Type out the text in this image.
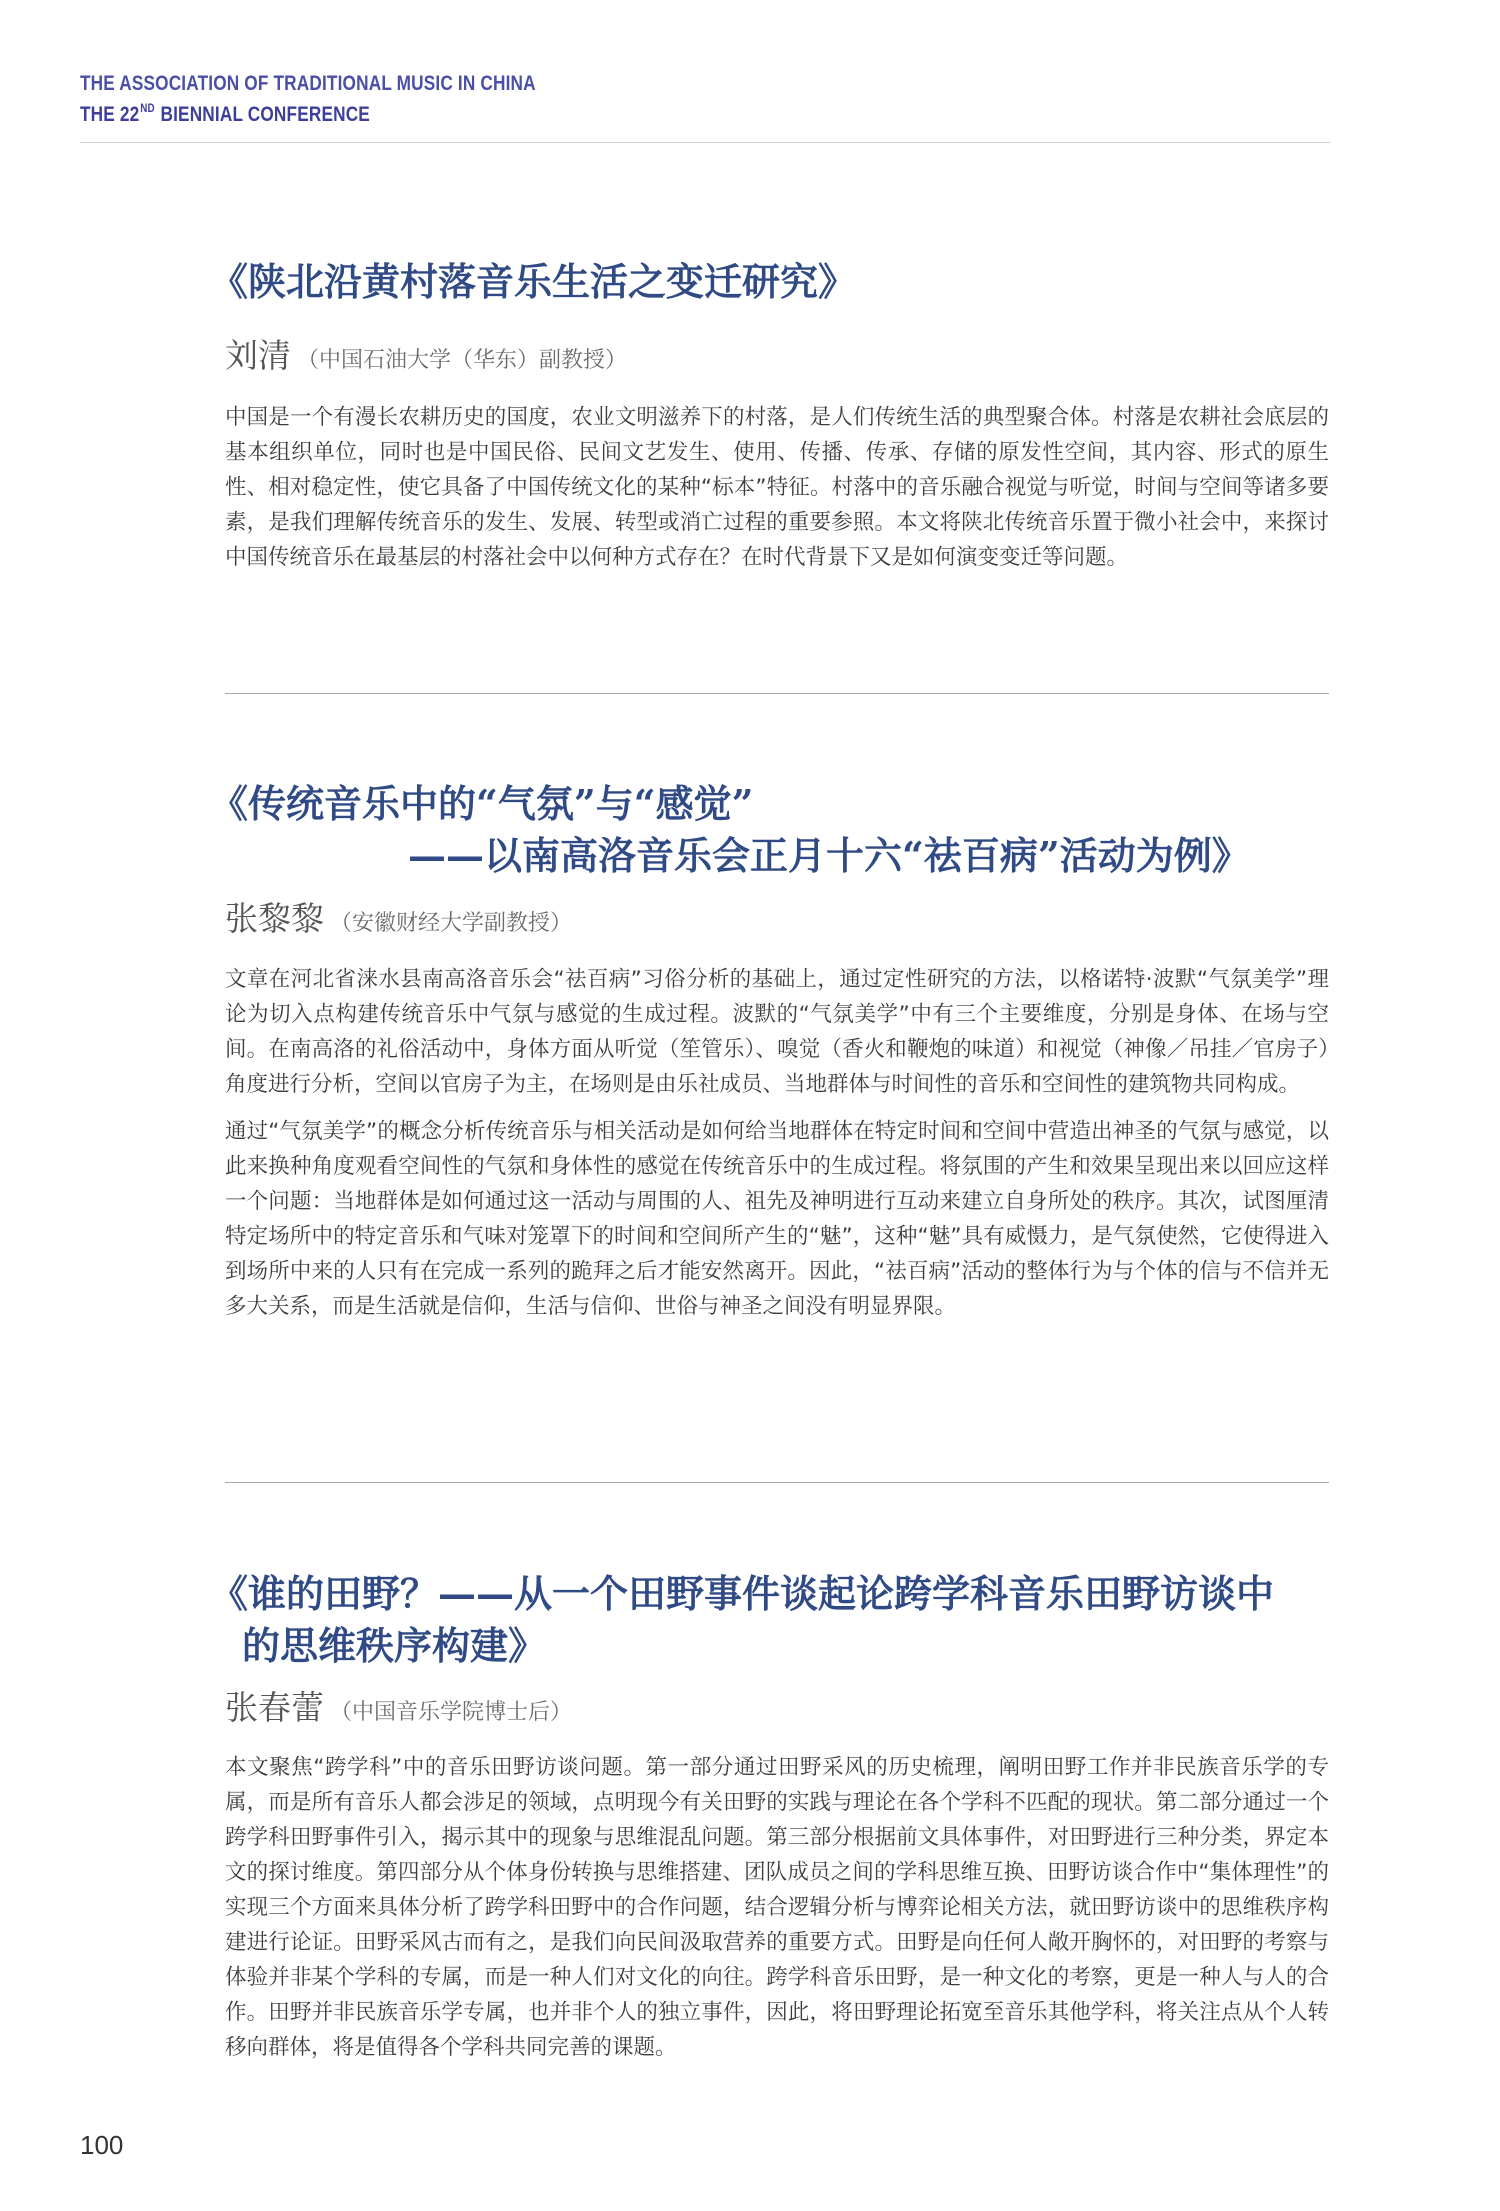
THE ASSOCIATION OF TRADITIONAL MUSIC IN CHINA
THE 22ND BIENNIAL CONFERENCE
《陕北沿黄村落音乐生活之变迁研究》
刘清 （中国石油大学（华东）副教授）

中国是一个有漫长农耕历史的国度，农业文明滋养下的村落，是人们传统生活的典型聚合体。村落是农耕社会底层的基本组织单位，同时也是中国民俗、民间文艺发生、使用、传播、传承、存储的原发性空间，其内容、形式的原生性、相对稳定性，使它具备了中国传统文化的某种“标本”特征。村落中的音乐融合视觉与听觉，时间与空间等诸多要素，是我们理解传统音乐的发生、发展、转型或消亡过程的重要参照。本文将陕北传统音乐置于微小社会中，来探讨中国传统音乐在最基层的村落社会中以何种方式存在？在时代背景下又是如何演变变迁等问题。

《传统音乐中的“气氛”与“感觉”
——以南高洛音乐会正月十六“祛百病”活动为例》
张黎黎 （安徽财经大学副教授）

文章在河北省涞水县南高洛音乐会“祛百病”习俗分析的基础上，通过定性研究的方法，以格诺特·波默“气氛美学”理论为切入点构建传统音乐中气氛与感觉的生成过程。波默的“气氛美学”中有三个主要维度，分别是身体、在场与空间。在南高洛的礼俗活动中，身体方面从听觉（笙管乐）、嗅觉（香火和鞭炮的味道）和视觉（神像／吊挂／官房子）角度进行分析，空间以官房子为主，在场则是由乐社成员、当地群体与时间性的音乐和空间性的建筑物共同构成。

通过“气氛美学”的概念分析传统音乐与相关活动是如何给当地群体在特定时间和空间中营造出神圣的气氛与感觉，以此来换种角度观看空间性的气氛和身体性的感觉在传统音乐中的生成过程。将氛围的产生和效果呈现出来以回应这样一个问题：当地群体是如何通过这一活动与周围的人、祖先及神明进行互动来建立自身所处的秩序。其次，试图厘清特定场所中的特定音乐和气味对笼罩下的时间和空间所产生的“魅”，这种“魅”具有威慑力，是气氛使然，它使得进入到场所中来的人只有在完成一系列的跪拜之后才能安然离开。因此，“祛百病”活动的整体行为与个体的信与不信并无多大关系，而是生活就是信仰，生活与信仰、世俗与神圣之间没有明显界限。

《谁的田野？——从一个田野事件谈起论跨学科音乐田野访谈中
的思维秩序构建》
张春蕾 （中国音乐学院博士后）

本文聚焦“跨学科”中的音乐田野访谈问题。第一部分通过田野采风的历史梳理，阐明田野工作并非民族音乐学的专属，而是所有音乐人都会涉足的领域，点明现今有关田野的实践与理论在各个学科不匹配的现状。第二部分通过一个跨学科田野事件引入，揭示其中的现象与思维混乱问题。第三部分根据前文具体事件，对田野进行三种分类，界定本文的探讨维度。第四部分从个体身份转换与思维搭建、团队成员之间的学科思维互换、田野访谈合作中“集体理性”的实现三个方面来具体分析了跨学科田野中的合作问题，结合逻辑分析与博弈论相关方法，就田野访谈中的思维秩序构建进行论证。田野采风古而有之，是我们向民间汲取营养的重要方式。田野是向任何人敞开胸怀的，对田野的考察与体验并非某个学科的专属，而是一种人们对文化的向往。跨学科音乐田野，是一种文化的考察，更是一种人与人的合作。田野并非民族音乐学专属，也并非个人的独立事件，因此，将田野理论拓宽至音乐其他学科，将关注点从个人转移向群体，将是值得各个学科共同完善的课题。

100
